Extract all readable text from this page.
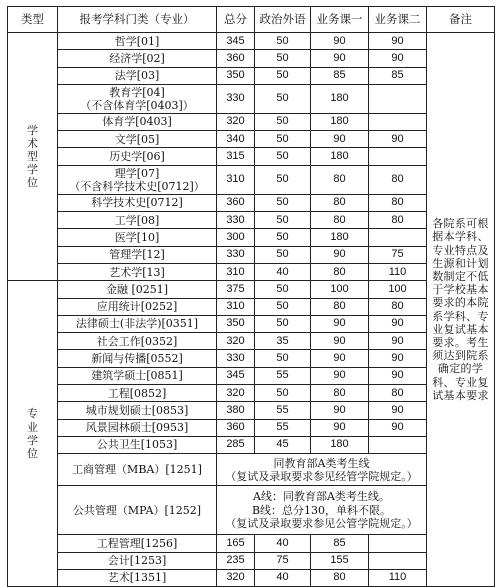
类型	报考学科门类（专业）	总分	政治外语	业务课一	业务课二	备注

学
术
型
学
位	哲学[01]	345	50	90	90	各院系可根据本学科、专业特点及生源和计划数制定不低于学校基本要求的本院系学科、专业复试基本要求。考生须达到院系确定的学科、专业复试基本要求

	经济学[02]	360	50	90	90	

	法学[03]	350	50	85	85	

	教育学[04]
（不含体育学[0403]）	330	50	180		

	体育学[0403]	320	50	180		

	文学[05]	340	50	90	90	

	历史学[06]	315	50	180		

	理学[07]
（不含科学技术史[0712]）	310	50	80	80	

	科学技术史[0712]	360	50	80	80	

	工学[08]	330	50	80	80	

	医学[10]	300	50	180		

	管理学[12]	330	50	90	75	

	艺术学[13]	310	40	80	110	

专
业
学
位	金融 [0251]	375	50	100	100	

	应用统计[0252]	310	50	80	80	

	法律硕士(非法学)[0351]	350	50	90	90	

	社会工作[0352]	320	35	90	90	

	新闻与传播[0552]	330	50	90	90	

	建筑学硕士[0851]	345	55	90	90	

	工程[0852]	320	50	80	80	

	城市规划硕士[0853]	380	55	90	90	

	风景园林硕士[0953]	360	55	90	90	

	公共卫生[1053]	285	45	180		
	工商管理（MBA）[1251]	同教育部A类考生线
（复试及录取要求参见经管学院规定。）				

	公共管理（MPA）[1252]	A线：同教育部A类考生线。
B线：总分130，单科不限。
（复试及录取要求参见公管学院规定。）				

	工程管理[1256]	165	40	85		

	会计[1253]	235	75	155		

	艺术[1351]	320	40	80	110	
